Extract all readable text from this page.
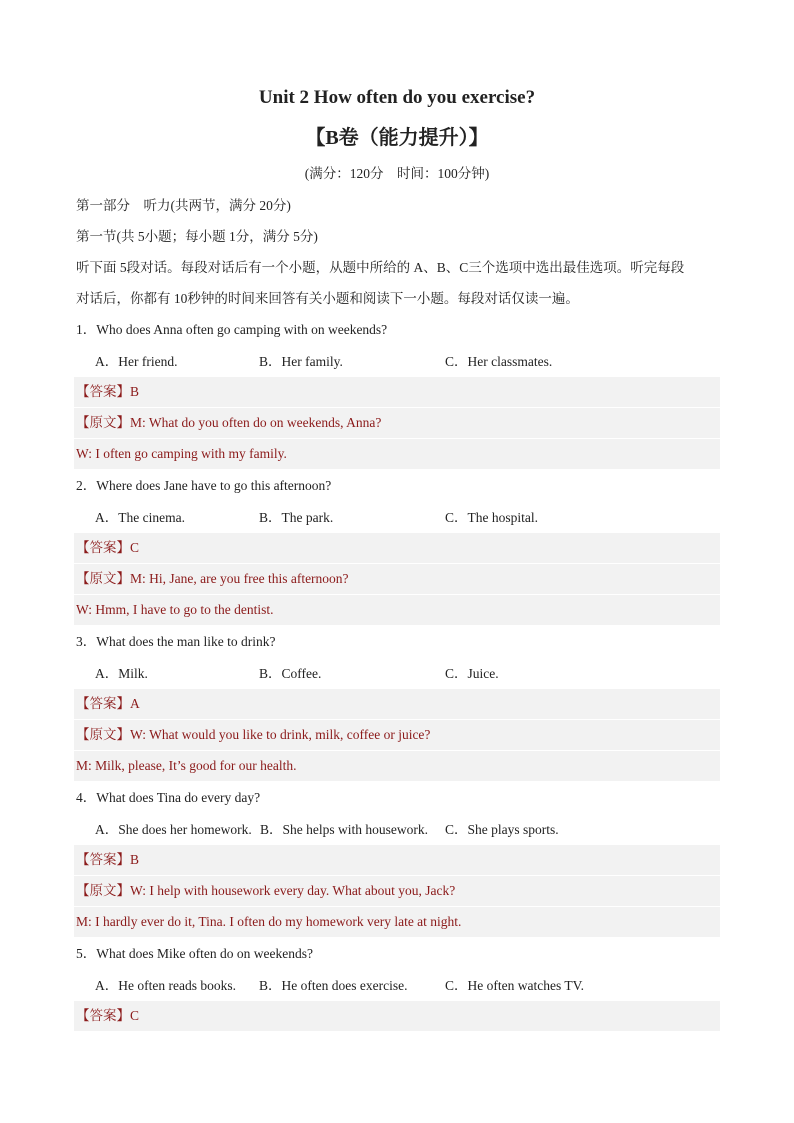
Unit 2 How often do you exercise?
【B卷（能力提升）】
(满分：120分　时间：100分钟)
第一部分　听力(共两节，满分 20分)
第一节(共 5小题；每小题 1分，满分 5分)
听下面 5段对话。每段对话后有一个小题，从题中所给的 A、B、C三个选项中选出最佳选项。听完每段
对话后，你都有 10秒钟的时间来回答有关小题和阅读下一小题。每段对话仅读一遍。
1．Who does Anna often go camping with on weekends?
A．Her friend.	B．Her family.	C．Her classmates.
【答案】B
【原文】M: What do you often do on weekends, Anna?
W: I often go camping with my family.
2．Where does Jane have to go this afternoon?
A．The cinema.	B．The park.	C．The hospital.
【答案】C
【原文】M: Hi, Jane, are you free this afternoon?
W: Hmm, I have to go to the dentist.
3．What does the man like to drink?
A．Milk.	B．Coffee.	C．Juice.
【答案】A
【原文】W: What would you like to drink, milk, coffee or juice?
M: Milk, please, It’s good for our health.
4．What does Tina do every day?
A．She does her homework. B．She helps with housework. C．She plays sports.
【答案】B
【原文】W: I help with housework every day. What about you, Jack?
M: I hardly ever do it, Tina. I often do my homework very late at night.
5．What does Mike often do on weekends?
A．He often reads books. B．He often does exercise.	C．He often watches TV.
【答案】C
